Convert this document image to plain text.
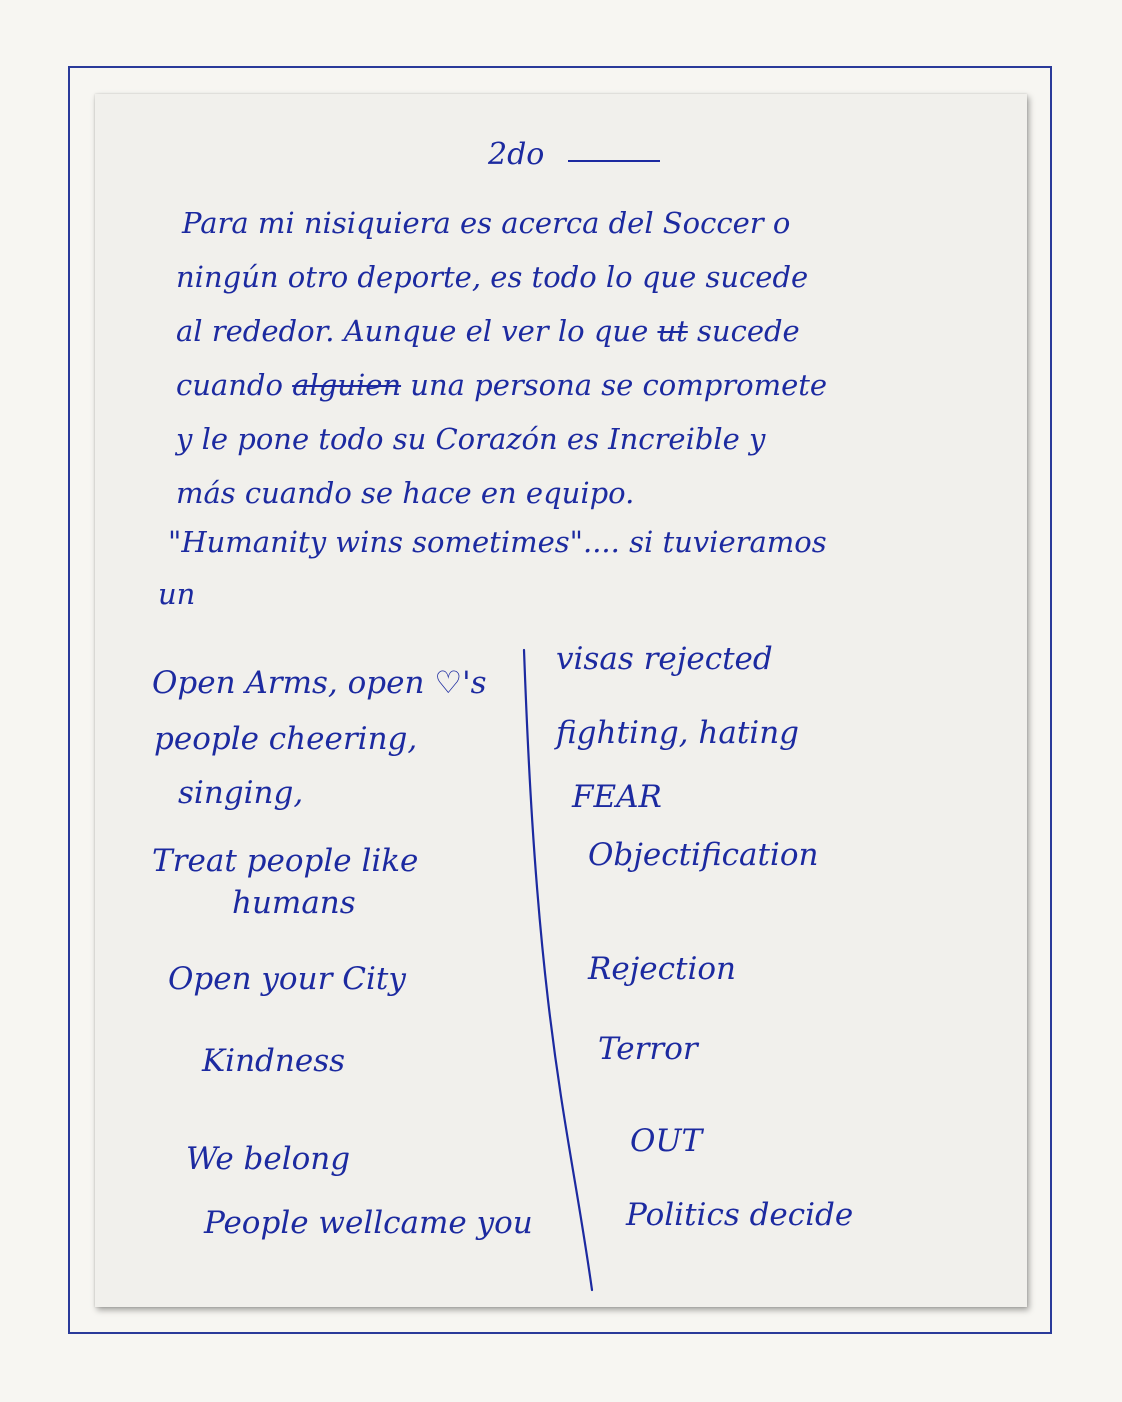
2do
Para mi nisiquiera es acerca del Soccer o
ningún otro deporte, es todo lo que sucede
al rededor. Aunque el ver lo que ut sucede
cuando alguien una persona se compromete
y le pone todo su Corazón es Increible y
más cuando se hace en equipo.
"Humanity wins sometimes".... si tuvieramos
un
Open Arms, open ♡'s
people cheering,
singing,
Treat people like
humans
Open your City
Kindness
We belong
People wellcame you
visas rejected
fighting, hating
FEAR
Objectification
Rejection
Terror
OUT
Politics decide
